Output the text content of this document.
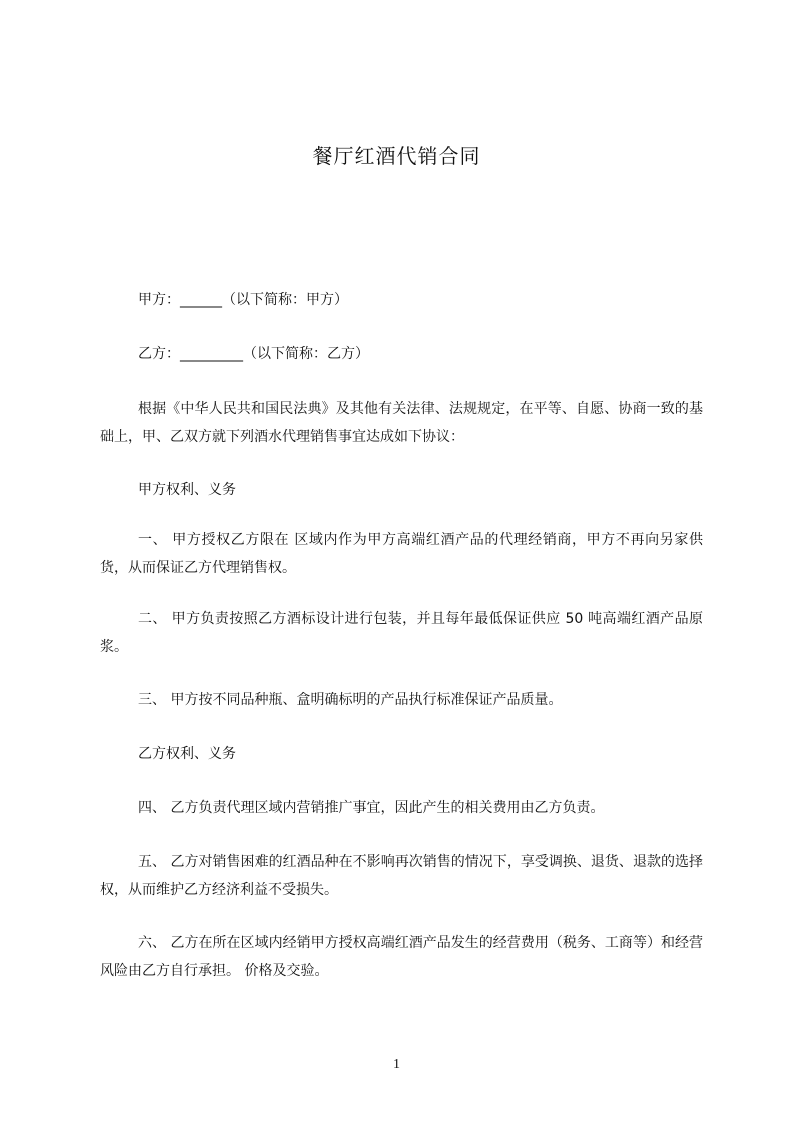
餐厅红酒代销合同
甲方：______（以下简称：甲方）
乙方：_________（以下简称：乙方）
根据《中华人民共和国民法典》及其他有关法律、法规规定，在平等、自愿、协商一致的基础上，甲、乙双方就下列酒水代理销售事宜达成如下协议：
甲方权利、义务
一、 甲方授权乙方限在 区域内作为甲方高端红酒产品的代理经销商，甲方不再向另家供货，从而保证乙方代理销售权。
二、 甲方负责按照乙方酒标设计进行包装，并且每年最低保证供应 50 吨高端红酒产品原浆。
三、 甲方按不同品种瓶、盒明确标明的产品执行标准保证产品质量。
乙方权利、义务
四、 乙方负责代理区域内营销推广事宜，因此产生的相关费用由乙方负责。
五、 乙方对销售困难的红酒品种在不影响再次销售的情况下，享受调换、退货、退款的选择权，从而维护乙方经济利益不受损失。
六、 乙方在所在区域内经销甲方授权高端红酒产品发生的经营费用（税务、工商等）和经营风险由乙方自行承担。 价格及交验。
1
